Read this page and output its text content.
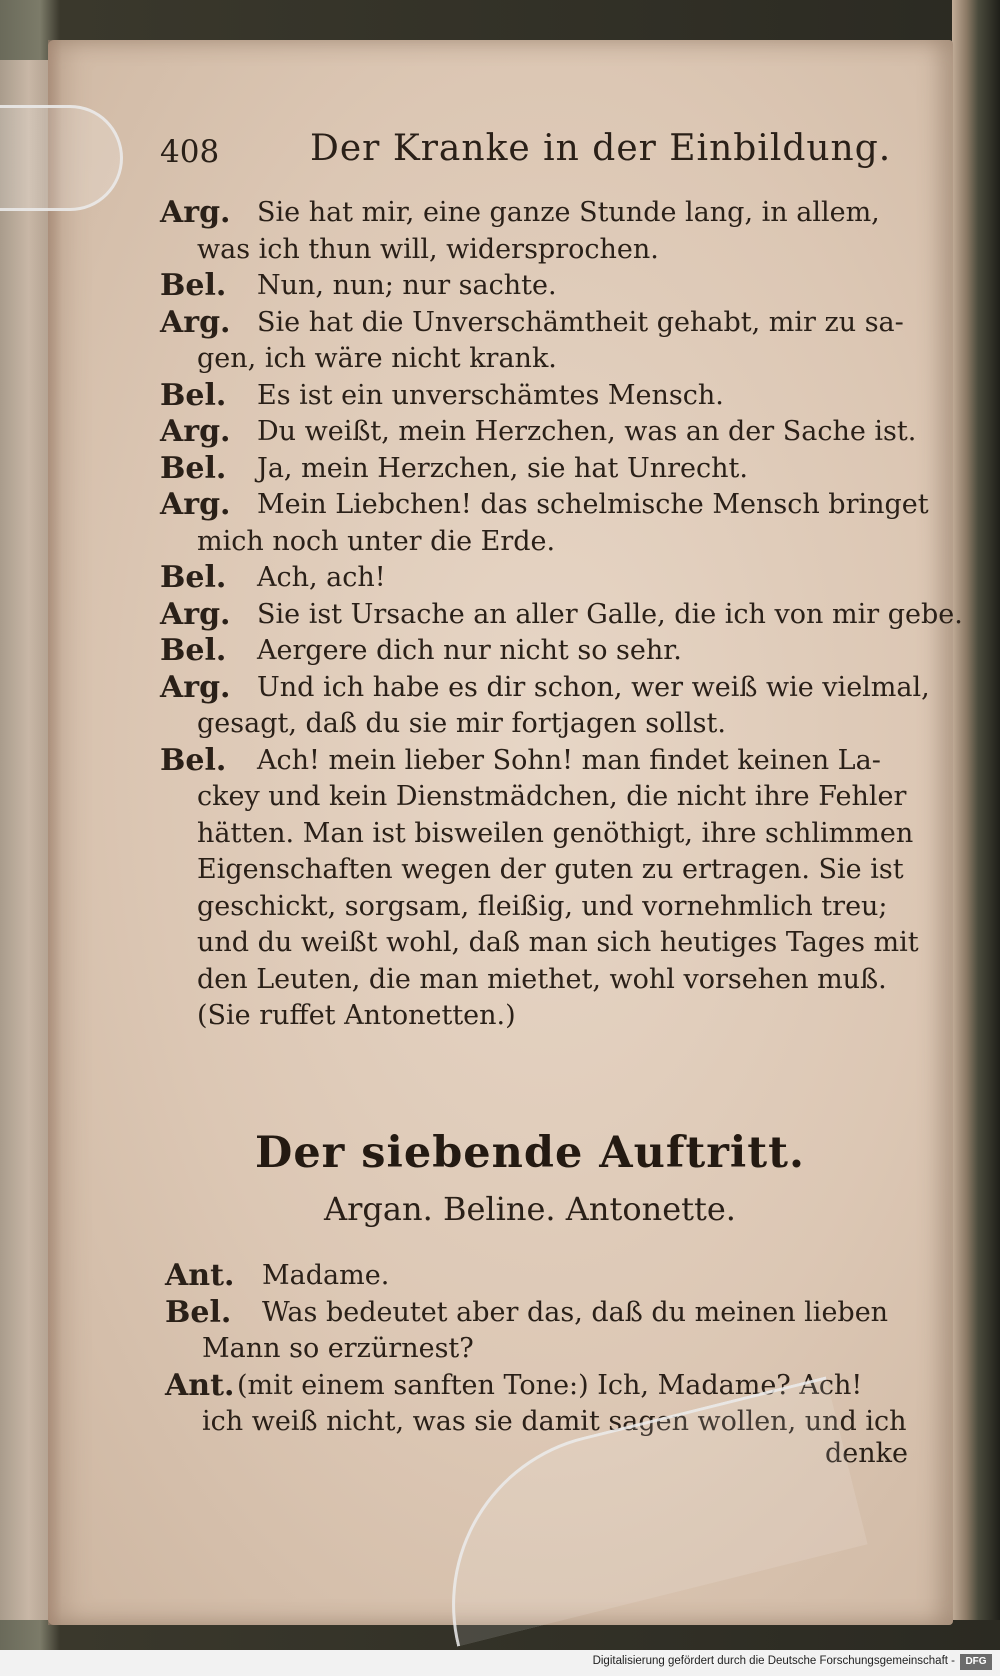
408	Der Kranke in der Einbildung.
Arg. Sie hat mir, eine ganze Stunde lang, in allem,
was ich thun will, widersprochen.
Bel. Nun, nun; nur sachte.
Arg. Sie hat die Unverschämtheit gehabt, mir zu sa-
gen, ich wäre nicht krank.
Bel. Es ist ein unverschämtes Mensch.
Arg. Du weißt, mein Herzchen, was an der Sache ist.
Bel. Ja, mein Herzchen, sie hat Unrecht.
Arg. Mein Liebchen! das schelmische Mensch bringet
mich noch unter die Erde.
Bel. Ach, ach!
Arg. Sie ist Ursache an aller Galle, die ich von mir gebe.
Bel. Aergere dich nur nicht so sehr.
Arg. Und ich habe es dir schon, wer weiß wie vielmal,
gesagt, daß du sie mir fortjagen sollst.
Bel. Ach! mein lieber Sohn! man findet keinen La-
ckey und kein Dienstmädchen, die nicht ihre Fehler
hätten. Man ist bisweilen genöthigt, ihre schlimmen
Eigenschaften wegen der guten zu ertragen. Sie ist
geschickt, sorgsam, fleißig, und vornehmlich treu;
und du weißt wohl, daß man sich heutiges Tages mit
den Leuten, die man miethet, wohl vorsehen muß.
(Sie ruffet Antonetten.)
Der siebende Auftritt.
Argan. Beline. Antonette.
Ant. Madame.
Bel. Was bedeutet aber das, daß du meinen lieben
Mann so erzürnest?
Ant. (mit einem sanften Tone:) Ich, Madame? Ach!
ich weiß nicht, was sie damit sagen wollen, und ich
denke
Digitalisierung gefördert durch die Deutsche Forschungsgemeinschaft -	DFG
